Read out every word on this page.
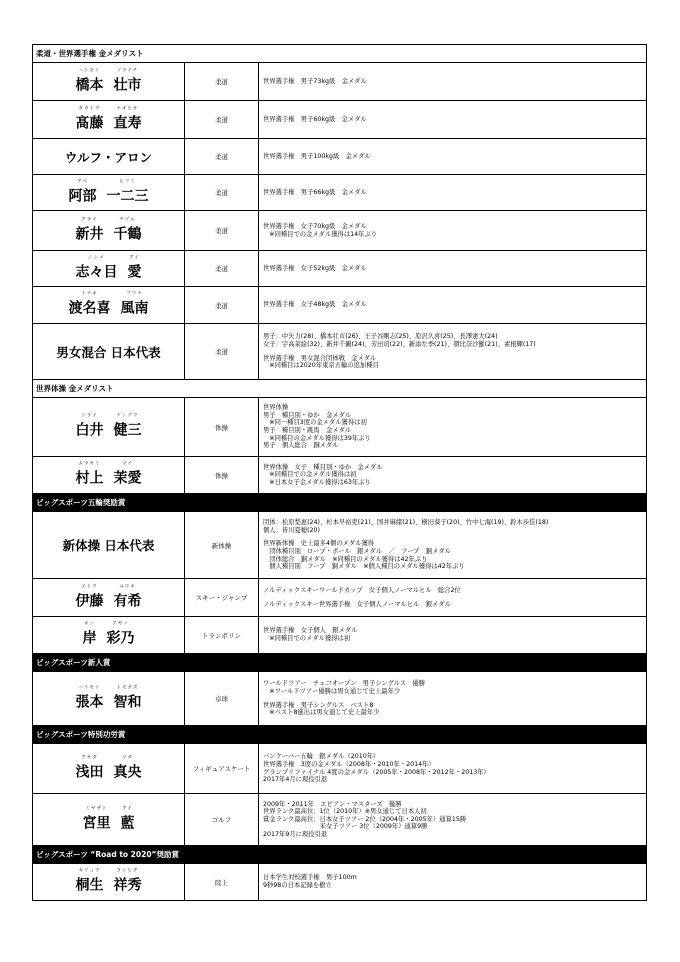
柔道・世界選手権 金メダリスト
ハシモト
橋本
ソウイチ
壮市	柔道	世界選手権　男子73kg級　金メダル
タカトウ
髙藤
ナオヒサ
直寿	柔道	世界選手権　男子60kg級　金メダル
ウルフ・アロン	柔道	世界選手権　男子100kg級　金メダル
アベ
阿部
ヒフミ
一二三	柔道	世界選手権　男子66kg級　金メダル
アライ
新井
チヅル
千鶴	柔道
世界選手権　女子70kg級　金メダル
　※同種目での金メダル獲得は14年ぶり
シシメ
志々目
アイ
愛	柔道	世界選手権　女子52kg級　金メダル
トナキ
渡名喜
フウナ
風南	柔道	世界選手権　女子48kg級　金メダル
男女混合 日本代表	柔道
男子：中矢力(28)、橋本壮市(26)、王子谷剛志(25)、原沢久喜(25)、長澤憲大(24)
女子：宇高菜絵(32)、新井千鶴(24)、芳田司(22)、新添左季(21)、朝比奈沙羅(21)、素根輝(17)
世界選手権　男女混合団体戦　金メダル
　※同種目は2020年東京五輪の追加種目
世界体操 金メダリスト
シライ
白井
ケンゾウ
健三	体操
世界体操
男子　種目別・ゆか　金メダル
　※同一種目3度の金メダル獲得は初
男子　種目別・跳馬　金メダル
　※同種目の金メダル獲得は39年ぶり
男子　個人総合　銅メダル
ムラカミ
村上
マイ
茉愛	体操
世界体操　女子　種目別・ゆか　金メダル
　※同種目での金メダル獲得は初
　※日本女子金メダル獲得は63年ぶり
ビッグスポーツ五輪奨励賞
新体操 日本代表	新体操
団体：松原梨恵(24)、杉本早裕吏(21)、国井麻緒(21)、横田葵子(20)、竹中七海(19)、鈴木歩佳(18)
個人：皆川夏穂(20)
世界新体操　史上最多4個のメダル獲得
　団体種目別　ロープ・ボール　銀メダル　／　フープ　銅メダル
　団体総合　銅メダル　※同種目のメダル獲得は42年ぶり
　個人種目別　フープ　銅メダル　※個人種目のメダル獲得は42年ぶり
イトウ
伊藤
ユウキ
有希	スキー・ジャンプ
ノルディックスキーワールドカップ　女子個人ノーマルヒル　総合2位
ノルディックスキー世界選手権　女子個人ノーマルヒル　銀メダル
キシ
岸
アヤノ
彩乃	トランポリン
世界選手権　女子個人　銀メダル
　※同種目でのメダル獲得は初
ビッグスポーツ新人賞
ハリモト
張本
トモカズ
智和	卓球
ワールドツアー　チェコオープン　男子シングルス　優勝
　※ワールドツアー優勝は男女通じて史上最年少
世界選手権　男子シングルス　ベスト8
　※ベスト8進出は男女通じて史上最年少
ビッグスポーツ特別功労賞
アサダ
浅田
マオ
真央	フィギュアスケート
バンクーバー五輪　銀メダル（2010年）
世界選手権　3度の金メダル（2008年・2010年・2014年）
グランプリファイナル 4度の金メダル（2005年・2008年・2012年・2013年）
2017年4月に現役引退
ミヤザト
宮里
アイ
藍	ゴルフ
2009年・2011年　エビアン・マスターズ　優勝
世界ランク最高位：1位（2010年）※男女通じて日本人初
賞金ランク最高位：日本女子ツアー 2位（2004年・2005年）通算15勝
　　　　　　　　　米女子ツアー 3位（2009年）通算9勝
2017年9月に現役引退
ビッグスポーツ “Road to 2020”奨励賞
キリュウ
桐生
ヨシヒデ
祥秀	陸上
日本学生対校選手権　男子100m
9秒98の日本記録を樹立
